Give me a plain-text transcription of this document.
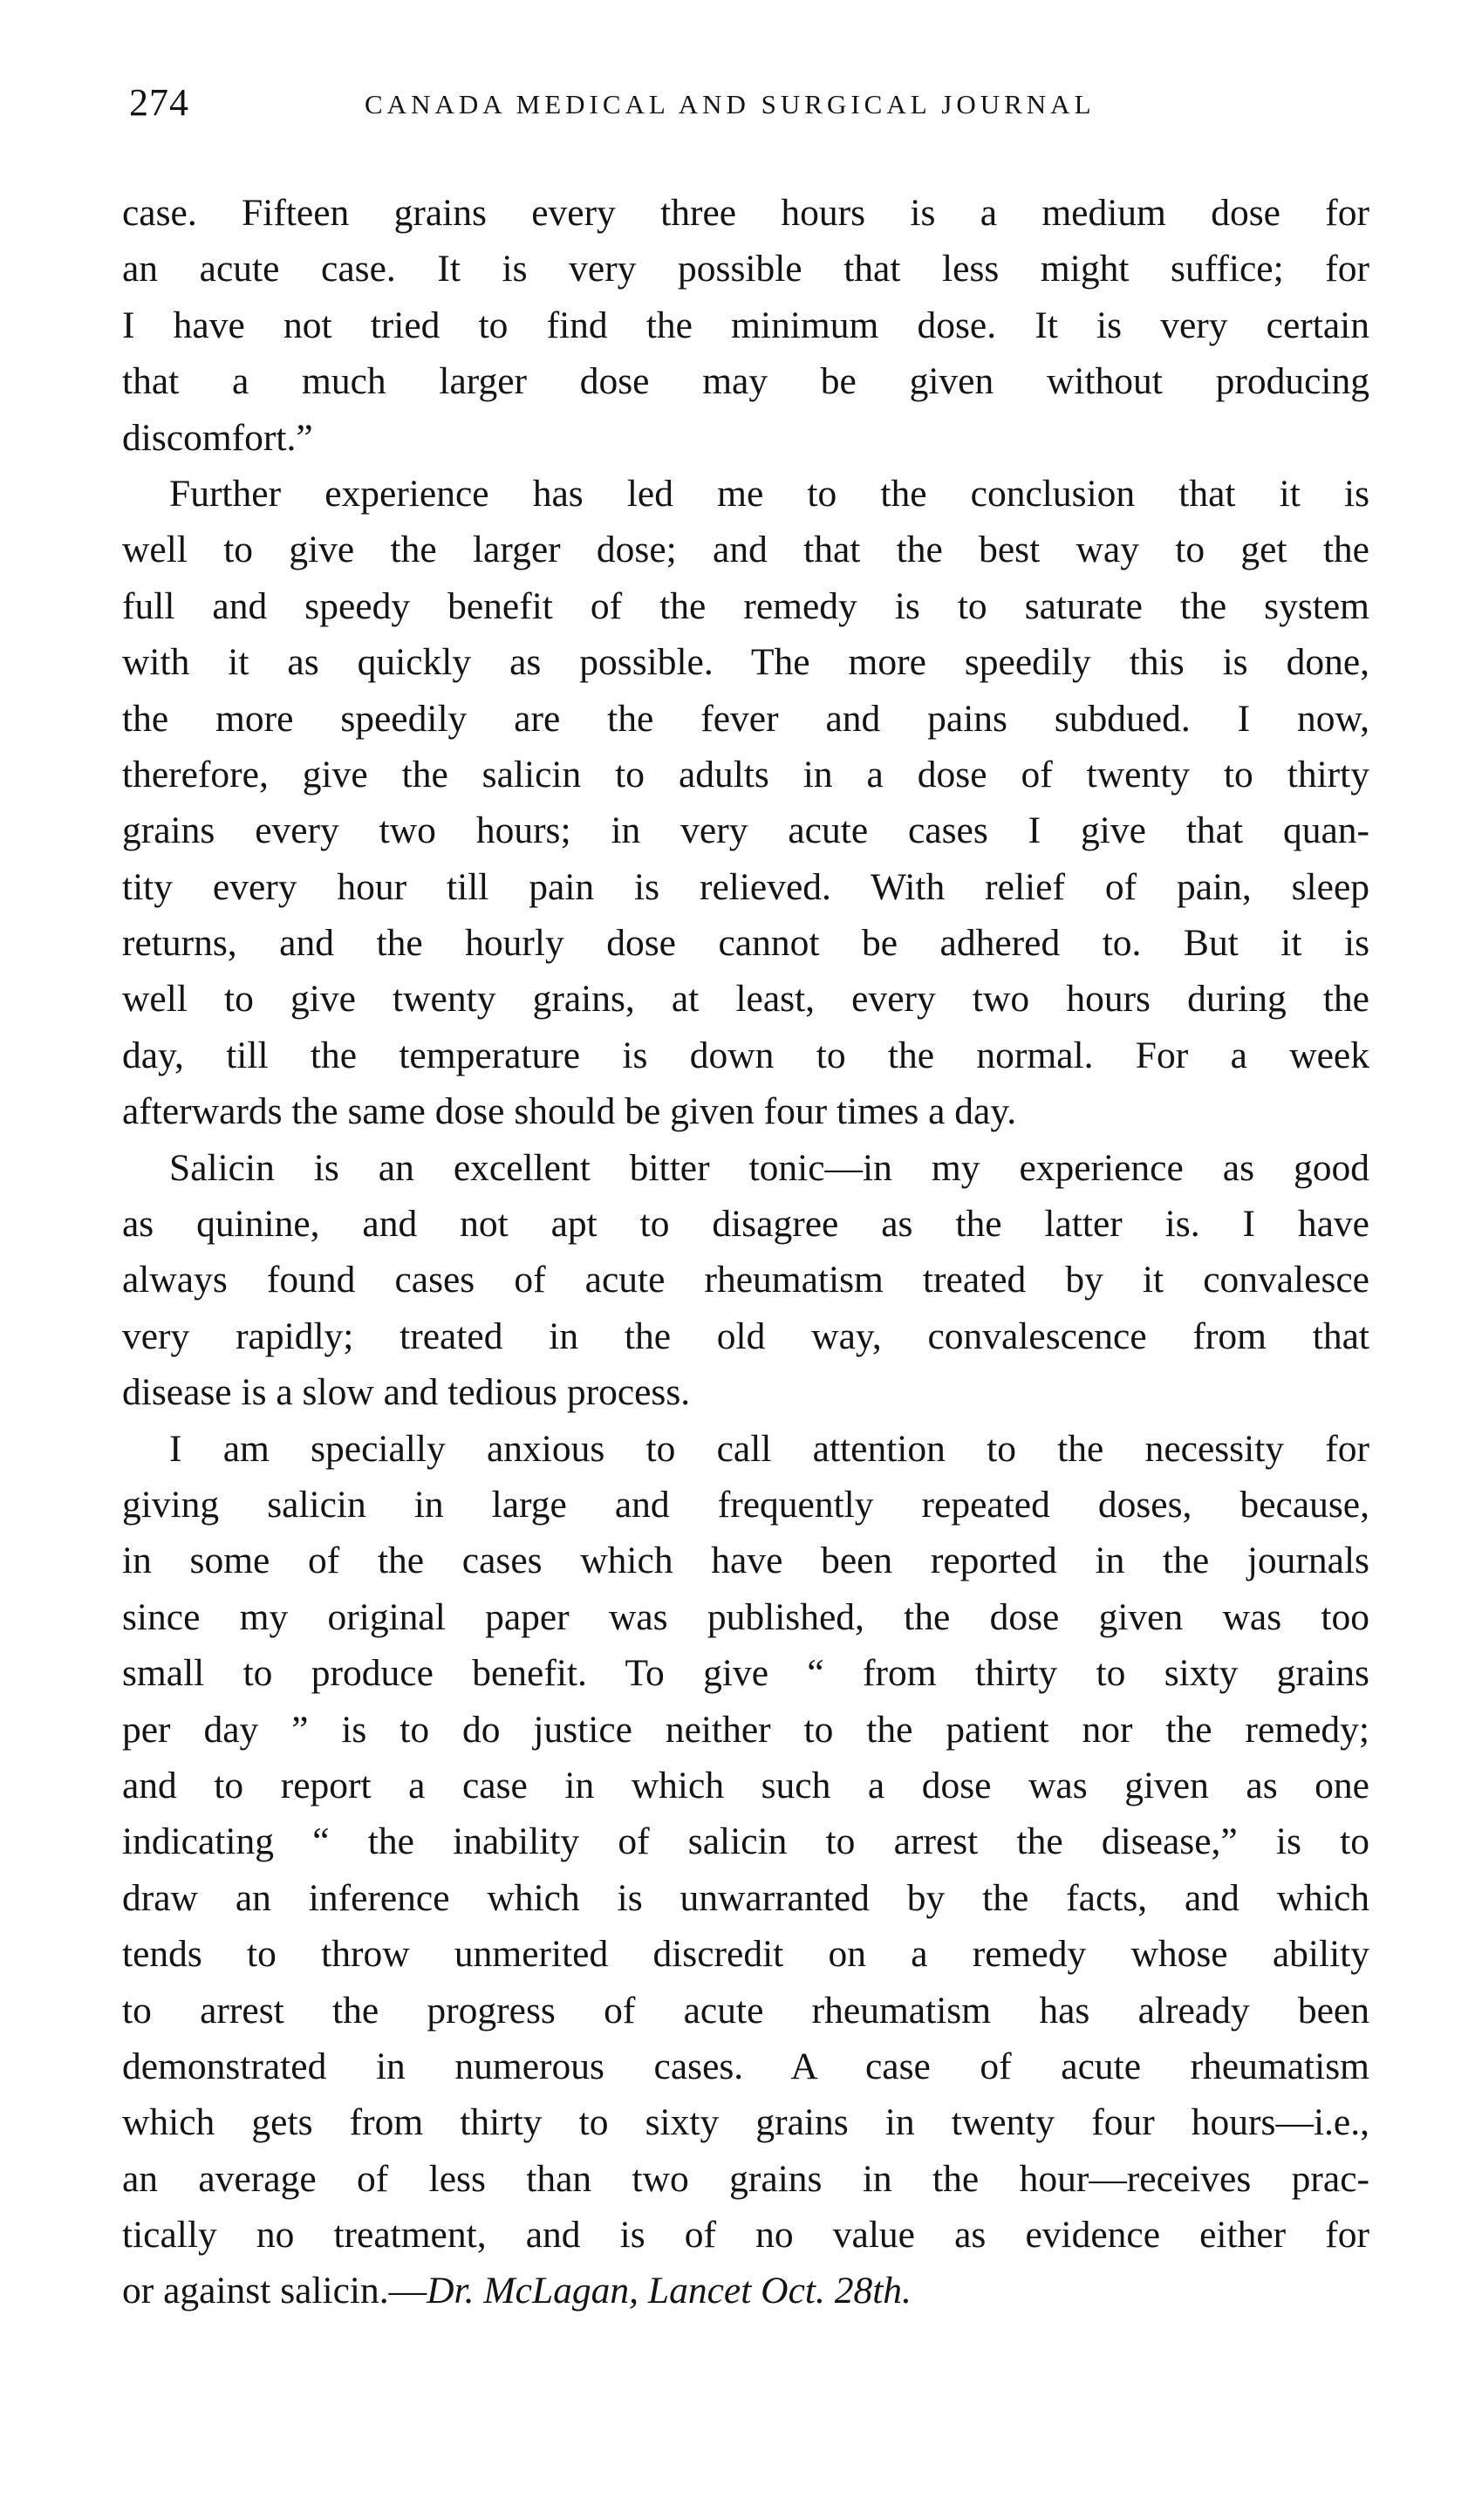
274	CANADA MEDICAL AND SURGICAL JOURNAL
case. Fifteen grains every three hours is a medium dose for
an acute case. It is very possible that less might suffice; for
I have not tried to find the minimum dose. It is very certain
that a much larger dose may be given without producing
discomfort.”
Further experience has led me to the conclusion that it is
well to give the larger dose; and that the best way to get the
full and speedy benefit of the remedy is to saturate the system
with it as quickly as possible. The more speedily this is done,
the more speedily are the fever and pains subdued. I now,
therefore, give the salicin to adults in a dose of twenty to thirty
grains every two hours; in very acute cases I give that quan-
tity every hour till pain is relieved. With relief of pain, sleep
returns, and the hourly dose cannot be adhered to. But it is
well to give twenty grains, at least, every two hours during the
day, till the temperature is down to the normal. For a week
afterwards the same dose should be given four times a day.
Salicin is an excellent bitter tonic—in my experience as good
as quinine, and not apt to disagree as the latter is. I have
always found cases of acute rheumatism treated by it convalesce
very rapidly; treated in the old way, convalescence from that
disease is a slow and tedious process.
I am specially anxious to call attention to the necessity for
giving salicin in large and frequently repeated doses, because,
in some of the cases which have been reported in the journals
since my original paper was published, the dose given was too
small to produce benefit. To give “ from thirty to sixty grains
per day ” is to do justice neither to the patient nor the remedy;
and to report a case in which such a dose was given as one
indicating “ the inability of salicin to arrest the disease,” is to
draw an inference which is unwarranted by the facts, and which
tends to throw unmerited discredit on a remedy whose ability
to arrest the progress of acute rheumatism has already been
demonstrated in numerous cases. A case of acute rheumatism
which gets from thirty to sixty grains in twenty four hours—i.e.,
an average of less than two grains in the hour—receives prac-
tically no treatment, and is of no value as evidence either for
or against salicin.—Dr. McLagan, Lancet Oct. 28th.
